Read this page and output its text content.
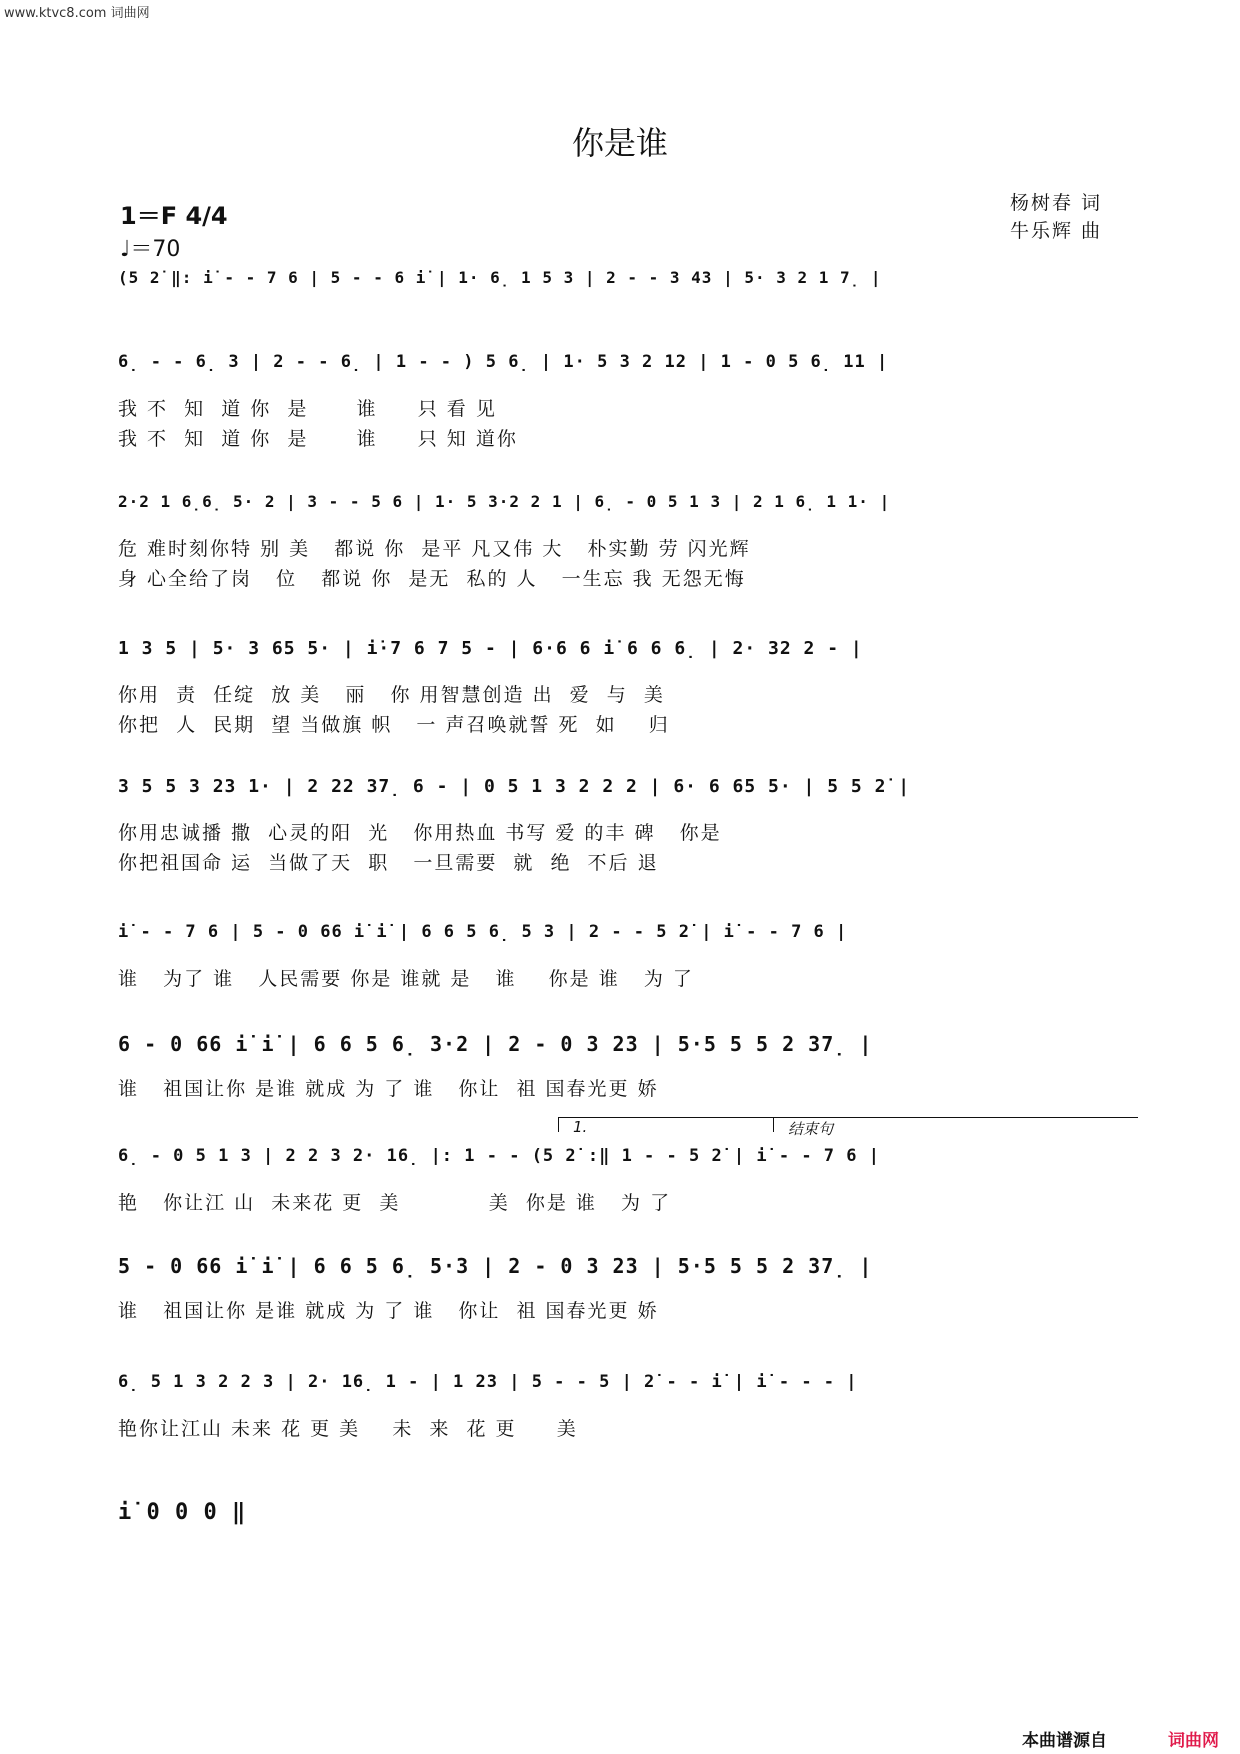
www.ktvc8.com 词曲网
你是谁
1＝F 4/4
♩＝70
杨树春 词
牛乐辉 曲
(5 2̇ ‖: i̇ - - 7 6 | 5 - - 6 i̇ | 1· 6̣ 1 5 3 | 2 - - 3 43 | 5· 3 2 1 7̣ |
6̣ - - 6̣ 3 | 2 - - 6̣ | 1 - - ) 5 6̣ | 1· 5 3 2 12 | 1 - 0 5 6̣ 11 |
我 不  知  道 你  是      谁     只 看 见
我 不  知  道 你  是      谁     只 知 道你
2·2 1 6̣6̣ 5· 2 | 3 - - 5 6 | 1· 5 3·2 2 1 | 6̣ - 0 5 1 3 | 2 1 6̣ 1 1· |
危 难时刻你特 别 美   都说 你  是平 凡又伟 大   朴实勤 劳 闪光辉
身 心全给了岗   位   都说 你  是无  私的 人   一生忘 我 无怨无悔
1 3 5 | 5· 3 65 5· | i̇·7 6 7 5 - | 6·6 6 i̇ 6 6 6̣ | 2· 32 2 - |
你用  责  任绽  放 美   丽   你 用智慧创造 出  爱  与  美
你把  人  民期  望 当做旗 帜   一 声召唤就誓 死  如    归
3 5 5 3 23 1· | 2 22 37̣ 6 - | 0 5 1 3 2 2 2 | 6· 6 65 5· | 5 5 2̇ |
你用忠诚播 撒  心灵的阳  光   你用热血 书写 爱 的丰 碑   你是
你把祖国命 运  当做了天  职   一旦需要  就  绝  不后 退
i̇ - - 7 6 | 5 - 0 66 i̇ i̇ | 6 6 5 6̣ 5 3 | 2 - - 5 2̇ | i̇ - - 7 6 |
谁   为了 谁   人民需要 你是 谁就 是   谁    你是 谁   为 了
6 - 0 66 i̇ i̇ | 6 6 5 6̣ 3·2 | 2 - 0 3 23 | 5·5 5 5 2 37̣ |
谁   祖国让你 是谁 就成 为 了 谁   你让  祖 国春光更 娇
6̣ - 0 5 1 3 | 2 2 3 2· 16̣ |: 1 - - (5 2̇ :‖ 1 - - 5 2̇ | i̇ - - 7 6 |
艳   你让江 山  未来花 更  美           美  你是 谁   为 了
5 - 0 66 i̇ i̇ | 6 6 5 6̣ 5·3 | 2 - 0 3 23 | 5·5 5 5 2 37̣ |
谁   祖国让你 是谁 就成 为 了 谁   你让  祖 国春光更 娇
6̣ 5 1 3 2 2 3 | 2· 16̣ 1 - | 1 23 | 5 - - 5 | 2̇ - - i̇ | i̇ - - - |
艳你让江山 未来 花 更 美    未  来  花 更     美
i̇ 0 0 0 ‖
1.	结束句
本曲谱源自	词曲网
